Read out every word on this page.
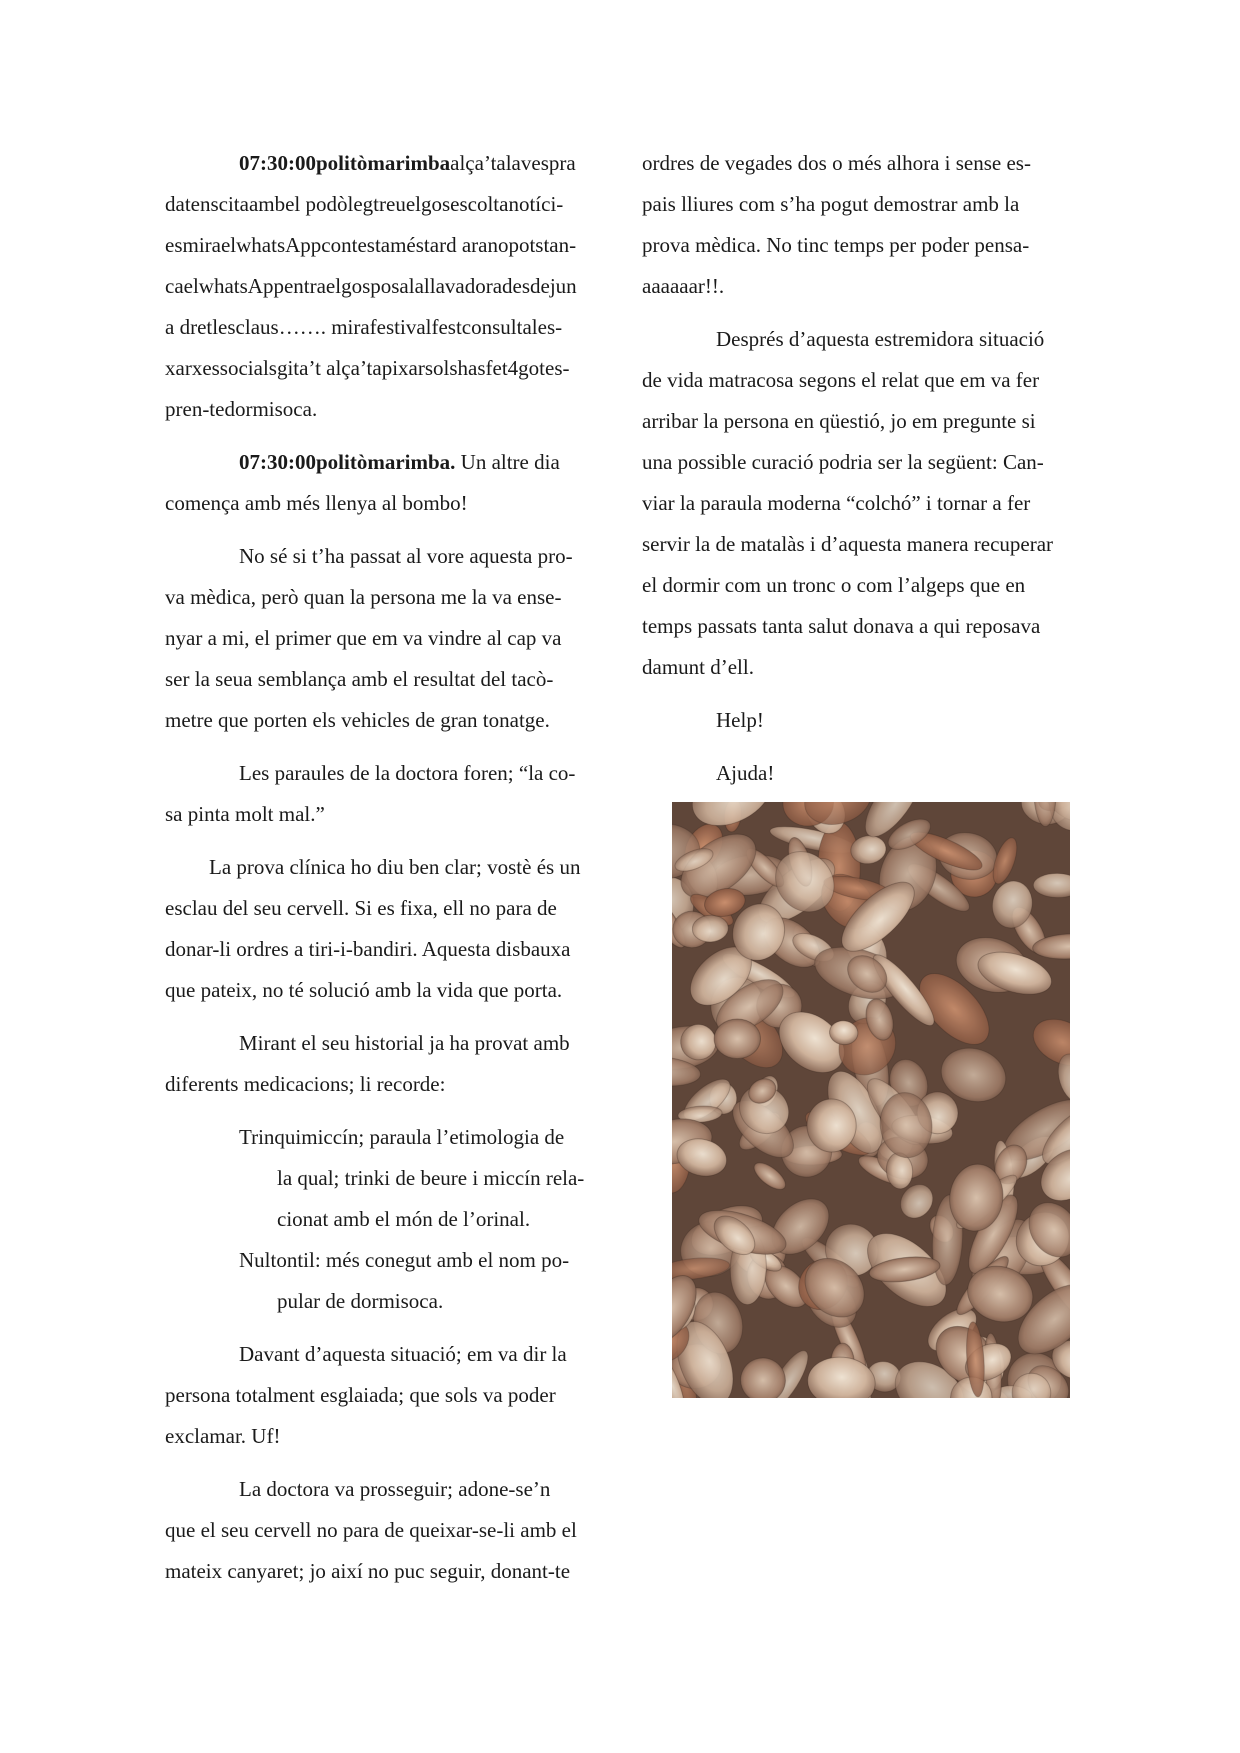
07:30:00politòmarimbaalça’talavespra
datenscitaambel podòlegtreuelgosescoltanotíci-
esmiraelwhatsAppcontestaméstard aranopotstan-
caelwhatsAppentraelgosposalallavadoradesdejun
a dretlesclaus……. mirafestivalfestconsultales-
xarxessocialsgita’t alça’tapixarsolshasfet4gotes-
pren-tedormisoca.
07:30:00politòmarimba. Un altre dia
comença amb més llenya al bombo!
No sé si t’ha passat al vore aquesta pro-
va mèdica, però quan la persona me la va ense-
nyar a mi, el primer que em va vindre al cap va
ser la seua semblança amb el resultat del tacò-
metre que porten els vehicles de gran tonatge.
Les paraules de la doctora foren; “la co-
sa pinta molt mal.”
La prova clínica ho diu ben clar; vostè és un
esclau del seu cervell. Si es fixa, ell no para de
donar-li ordres a tiri-i-bandiri. Aquesta disbauxa
que pateix, no té solució amb la vida que porta.
Mirant el seu historial ja ha provat amb
diferents medicacions; li recorde:
Trinquimiccín; paraula l’etimologia de
la qual; trinki de beure i miccín rela-
cionat amb el món de l’orinal.
Nultontil: més conegut amb el nom po-
pular de dormisoca.
Davant d’aquesta situació; em va dir la
persona totalment esglaiada; que sols va poder
exclamar. Uf!
La doctora va prosseguir; adone-se’n
que el seu cervell no para de queixar-se-li amb el
mateix canyaret; jo així no puc seguir, donant-te
ordres de vegades dos o més alhora i sense es-
pais lliures com s’ha pogut demostrar amb la
prova mèdica. No tinc temps per poder pensa-
aaaaaar!!.
Després d’aquesta estremidora situació
de vida matracosa segons el relat que em va fer
arribar la persona en qüestió, jo em pregunte si
una possible curació podria ser la següent: Can-
viar la paraula moderna “colchó” i tornar a fer
servir la de matalàs i d’aquesta manera recuperar
el dormir com un tronc o com l’algeps que en
temps passats tanta salut donava a qui reposava
damunt d’ell.
Help!
Ajuda!
